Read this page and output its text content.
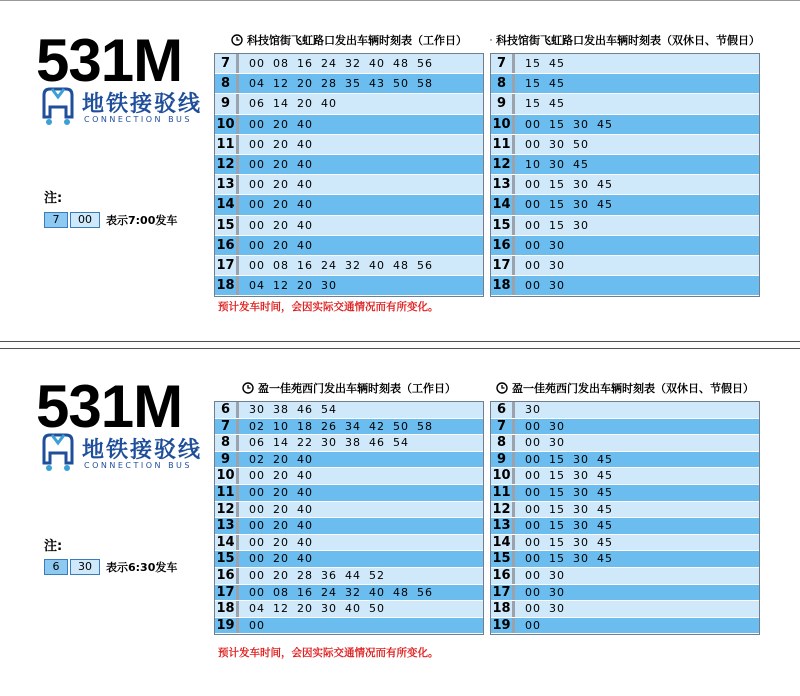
531M
地铁接驳线
CONNECTION BUS
注:
7	00	表示7:00发车
科技馆街飞虹路口发出车辆时刻表（工作日）
7	00 08 16 24 32 40 48 56
8	04 12 20 28 35 43 50 58
9	06 14 20 40
10	00 20 40
11	00 20 40
12	00 20 40
13	00 20 40
14	00 20 40
15	00 20 40
16	00 20 40
17	00 08 16 24 32 40 48 56
18	04 12 20 30
科技馆街飞虹路口发出车辆时刻表（双休日、节假日）
7	15 45
8	15 45
9	15 45
10	00 15 30 45
11	00 30 50
12	10 30 45
13	00 15 30 45
14	00 15 30 45
15	00 15 30
16	00 30
17	00 30
18	00 30
预计发车时间，会因实际交通情况而有所变化。
531M
地铁接驳线
CONNECTION BUS
注:
6	30	表示6:30发车
盈一佳苑西门发出车辆时刻表（工作日）
6	30 38 46 54
7	02 10 18 26 34 42 50 58
8	06 14 22 30 38 46 54
9	02 20 40
10	00 20 40
11	00 20 40
12	00 20 40
13	00 20 40
14	00 20 40
15	00 20 40
16	00 20 28 36 44 52
17	00 08 16 24 32 40 48 56
18	04 12 20 30 40 50
19	00
盈一佳苑西门发出车辆时刻表（双休日、节假日）
6	30
7	00 30
8	00 30
9	00 15 30 45
10	00 15 30 45
11	00 15 30 45
12	00 15 30 45
13	00 15 30 45
14	00 15 30 45
15	00 15 30 45
16	00 30
17	00 30
18	00 30
19	00
预计发车时间，会因实际交通情况而有所变化。
